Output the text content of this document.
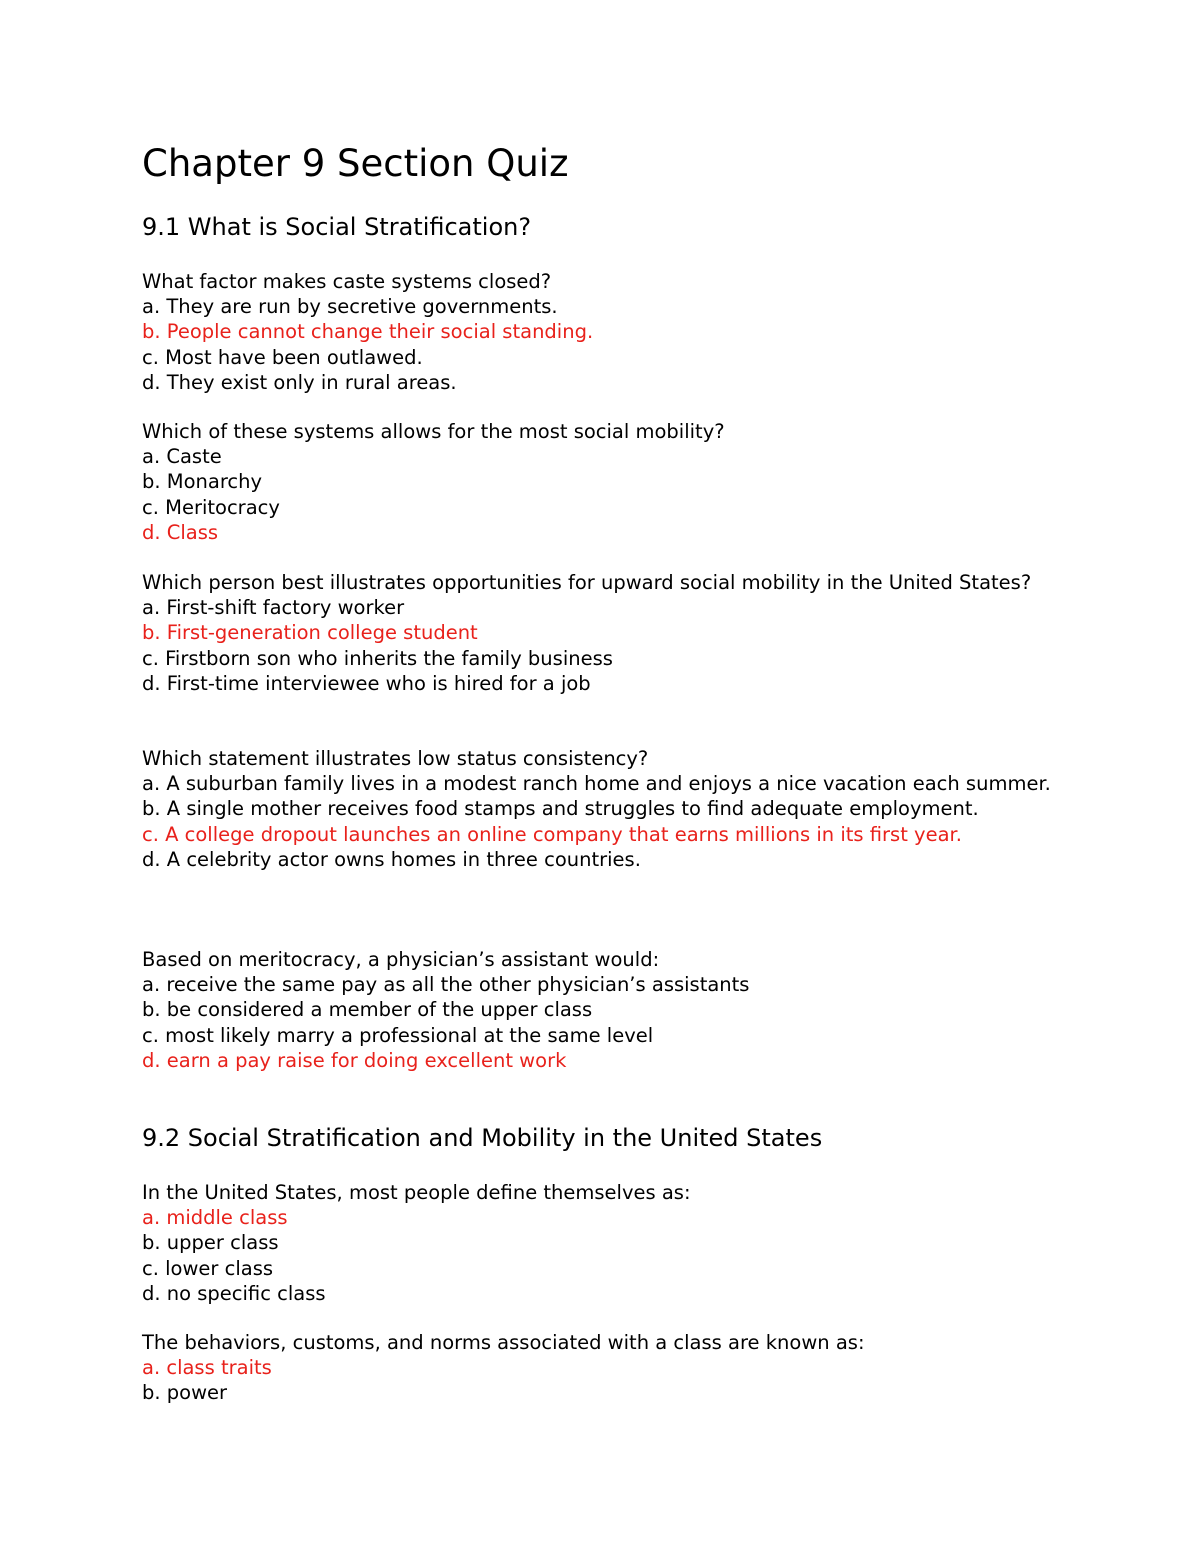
Chapter 9 Section Quiz
9.1 What is Social Stratification?

What factor makes caste systems closed?

a. They are run by secretive governments.

b. People cannot change their social standing.

c. Most have been outlawed.

d. They exist only in rural areas.

Which of these systems allows for the most social mobility?

a. Caste

b. Monarchy

c. Meritocracy

d. Class

Which person best illustrates opportunities for upward social mobility in the United States?

a. First-shift factory worker

b. First-generation college student

c. Firstborn son who inherits the family business

d. First-time interviewee who is hired for a job

Which statement illustrates low status consistency?

a. A suburban family lives in a modest ranch home and enjoys a nice vacation each summer.

b. A single mother receives food stamps and struggles to find adequate employment.

c. A college dropout launches an online company that earns millions in its first year.

d. A celebrity actor owns homes in three countries.

Based on meritocracy, a physician’s assistant would:

a. receive the same pay as all the other physician’s assistants

b. be considered a member of the upper class

c. most likely marry a professional at the same level

d. earn a pay raise for doing excellent work

9.2 Social Stratification and Mobility in the United States

In the United States, most people define themselves as:

a. middle class

b. upper class

c. lower class

d. no specific class

The behaviors, customs, and norms associated with a class are known as:

a. class traits

b. power
